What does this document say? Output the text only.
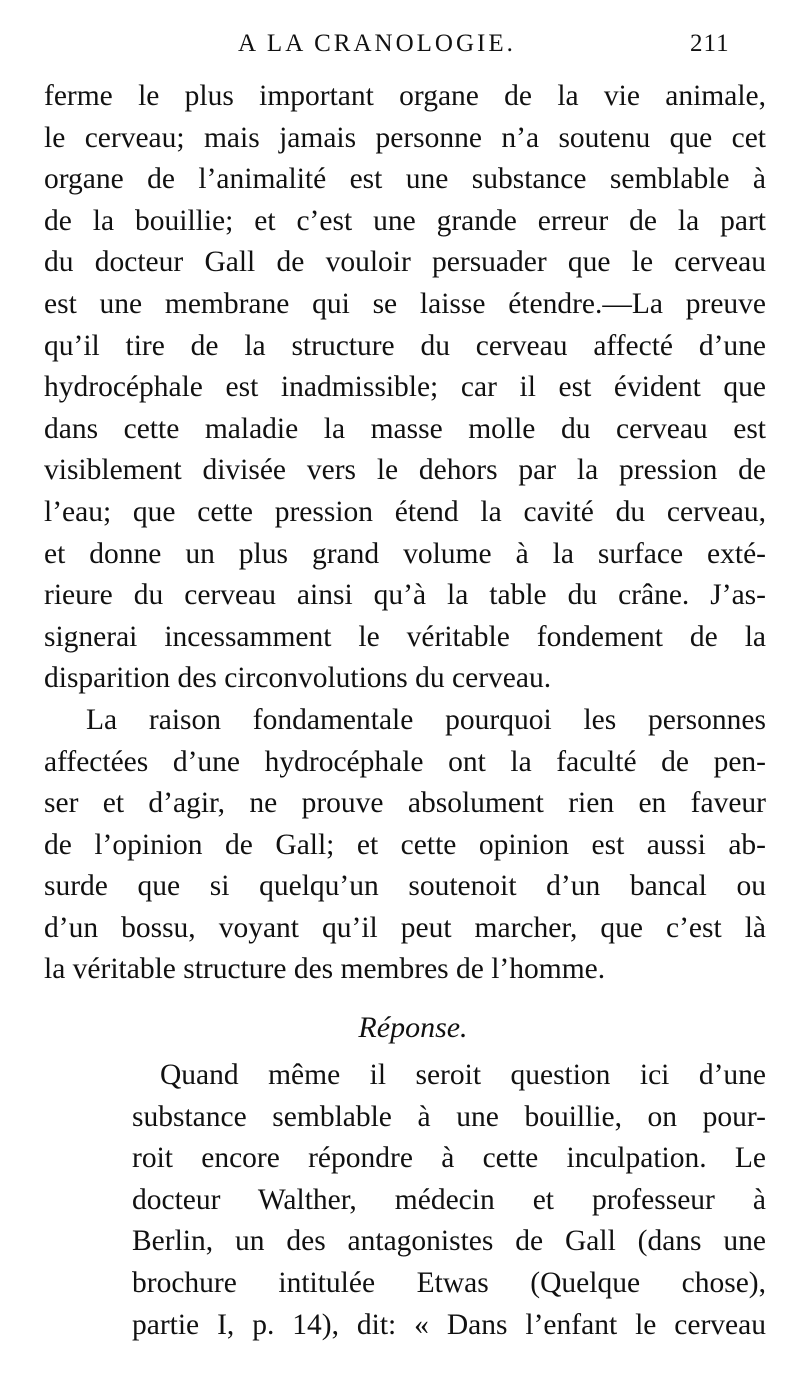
A LA CRANOLOGIE.	211
ferme le plus important organe de la vie animale,
le cerveau; mais jamais personne n’a soutenu que cet
organe de l’animalité est une substance semblable à
de la bouillie; et c’est une grande erreur de la part
du docteur Gall de vouloir persuader que le cerveau
est une membrane qui se laisse étendre.—La preuve
qu’il tire de la structure du cerveau affecté d’une
hydrocéphale est inadmissible; car il est évident que
dans cette maladie la masse molle du cerveau est
visiblement divisée vers le dehors par la pression de
l’eau; que cette pression étend la cavité du cerveau,
et donne un plus grand volume à la surface exté-
rieure du cerveau ainsi qu’à la table du crâne. J’as-
signerai incessamment le véritable fondement de la
disparition des circonvolutions du cerveau.
La raison fondamentale pourquoi les personnes
affectées d’une hydrocéphale ont la faculté de pen-
ser et d’agir, ne prouve absolument rien en faveur
de l’opinion de Gall; et cette opinion est aussi ab-
surde que si quelqu’un soutenoit d’un bancal ou
d’un bossu, voyant qu’il peut marcher, que c’est là
la véritable structure des membres de l’homme.
Réponse.
Quand même il seroit question ici d’une
substance semblable à une bouillie, on pour-
roit encore répondre à cette inculpation. Le
docteur Walther, médecin et professeur à
Berlin, un des antagonistes de Gall (dans une
brochure intitulée Etwas (Quelque chose),
partie I, p. 14), dit: « Dans l’enfant le cerveau
